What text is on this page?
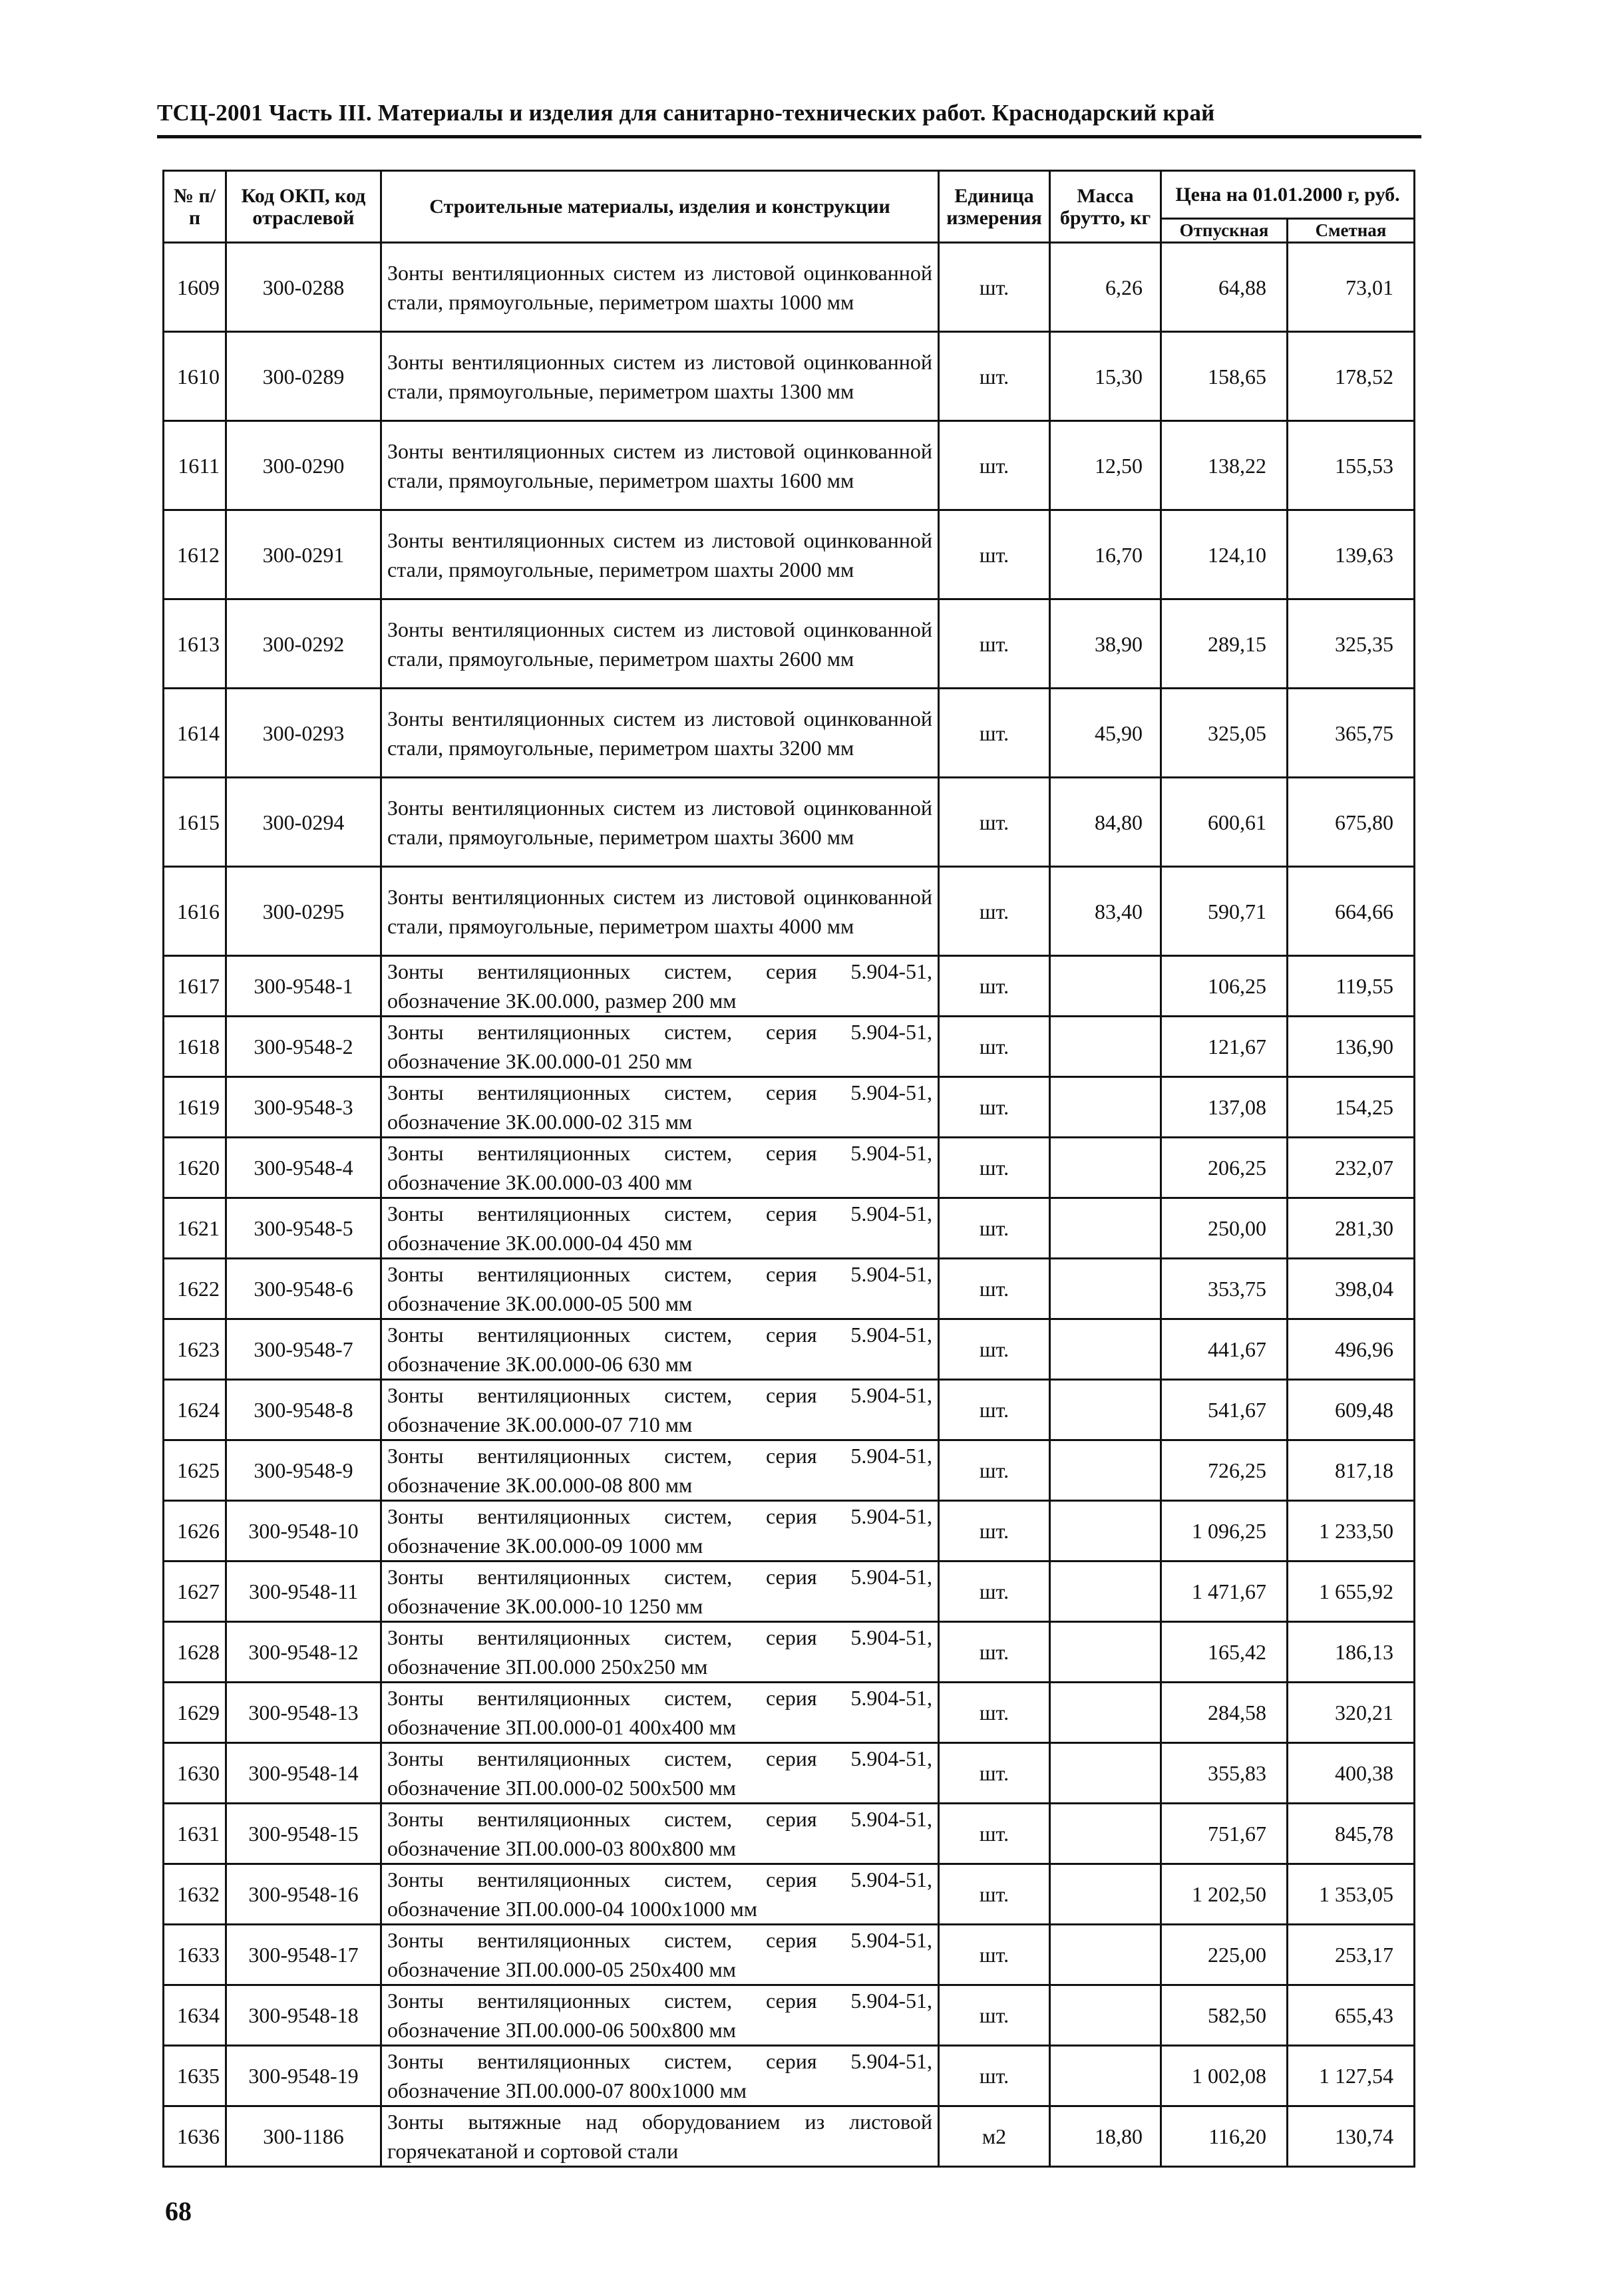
ТСЦ-2001 Часть III. Материалы и изделия для санитарно-технических работ. Краснодарский край
№ п/п	Код ОКП, код отраслевой	Строительные материалы, изделия и конструкции	Единица измерения	Масса брутто, кг	Цена на 01.01.2000 г, руб.	
					Отпускная	Сметная
1609	300-0288	Зонты вентиляционных систем из листовой оцинкованной стали, прямоугольные, периметром шахты 1000 мм	шт.	6,26	64,88	73,01
1610	300-0289	Зонты вентиляционных систем из листовой оцинкованной стали, прямоугольные, периметром шахты 1300 мм	шт.	15,30	158,65	178,52
1611	300-0290	Зонты вентиляционных систем из листовой оцинкованной стали, прямоугольные, периметром шахты 1600 мм	шт.	12,50	138,22	155,53
1612	300-0291	Зонты вентиляционных систем из листовой оцинкованной стали, прямоугольные, периметром шахты 2000 мм	шт.	16,70	124,10	139,63
1613	300-0292	Зонты вентиляционных систем из листовой оцинкованной стали, прямоугольные, периметром шахты 2600 мм	шт.	38,90	289,15	325,35
1614	300-0293	Зонты вентиляционных систем из листовой оцинкованной стали, прямоугольные, периметром шахты 3200 мм	шт.	45,90	325,05	365,75
1615	300-0294	Зонты вентиляционных систем из листовой оцинкованной стали, прямоугольные, периметром шахты 3600 мм	шт.	84,80	600,61	675,80
1616	300-0295	Зонты вентиляционных систем из листовой оцинкованной стали, прямоугольные, периметром шахты 4000 мм	шт.	83,40	590,71	664,66
1617	300-9548-1	Зонты вентиляционных систем, серия 5.904-51, обозначение ЗК.00.000, размер 200 мм	шт.		106,25	119,55
1618	300-9548-2	Зонты вентиляционных систем, серия 5.904-51, обозначение ЗК.00.000-01 250 мм	шт.		121,67	136,90
1619	300-9548-3	Зонты вентиляционных систем, серия 5.904-51, обозначение ЗК.00.000-02 315 мм	шт.		137,08	154,25
1620	300-9548-4	Зонты вентиляционных систем, серия 5.904-51, обозначение ЗК.00.000-03 400 мм	шт.		206,25	232,07
1621	300-9548-5	Зонты вентиляционных систем, серия 5.904-51, обозначение ЗК.00.000-04 450 мм	шт.		250,00	281,30
1622	300-9548-6	Зонты вентиляционных систем, серия 5.904-51, обозначение ЗК.00.000-05 500 мм	шт.		353,75	398,04
1623	300-9548-7	Зонты вентиляционных систем, серия 5.904-51, обозначение ЗК.00.000-06 630 мм	шт.		441,67	496,96
1624	300-9548-8	Зонты вентиляционных систем, серия 5.904-51, обозначение ЗК.00.000-07 710 мм	шт.		541,67	609,48
1625	300-9548-9	Зонты вентиляционных систем, серия 5.904-51, обозначение ЗК.00.000-08 800 мм	шт.		726,25	817,18
1626	300-9548-10	Зонты вентиляционных систем, серия 5.904-51, обозначение ЗК.00.000-09 1000 мм	шт.		1 096,25	1 233,50
1627	300-9548-11	Зонты вентиляционных систем, серия 5.904-51, обозначение ЗК.00.000-10 1250 мм	шт.		1 471,67	1 655,92
1628	300-9548-12	Зонты вентиляционных систем, серия 5.904-51, обозначение ЗП.00.000 250х250 мм	шт.		165,42	186,13
1629	300-9548-13	Зонты вентиляционных систем, серия 5.904-51, обозначение ЗП.00.000-01 400х400 мм	шт.		284,58	320,21
1630	300-9548-14	Зонты вентиляционных систем, серия 5.904-51, обозначение ЗП.00.000-02 500х500 мм	шт.		355,83	400,38
1631	300-9548-15	Зонты вентиляционных систем, серия 5.904-51, обозначение ЗП.00.000-03 800х800 мм	шт.		751,67	845,78
1632	300-9548-16	Зонты вентиляционных систем, серия 5.904-51, обозначение ЗП.00.000-04 1000х1000 мм	шт.		1 202,50	1 353,05
1633	300-9548-17	Зонты вентиляционных систем, серия 5.904-51, обозначение ЗП.00.000-05 250х400 мм	шт.		225,00	253,17
1634	300-9548-18	Зонты вентиляционных систем, серия 5.904-51, обозначение ЗП.00.000-06 500х800 мм	шт.		582,50	655,43
1635	300-9548-19	Зонты вентиляционных систем, серия 5.904-51, обозначение ЗП.00.000-07 800х1000 мм	шт.		1 002,08	1 127,54
1636	300-1186	Зонты вытяжные над оборудованием из листовой горячекатаной и сортовой стали	м2	18,80	116,20	130,74
68
